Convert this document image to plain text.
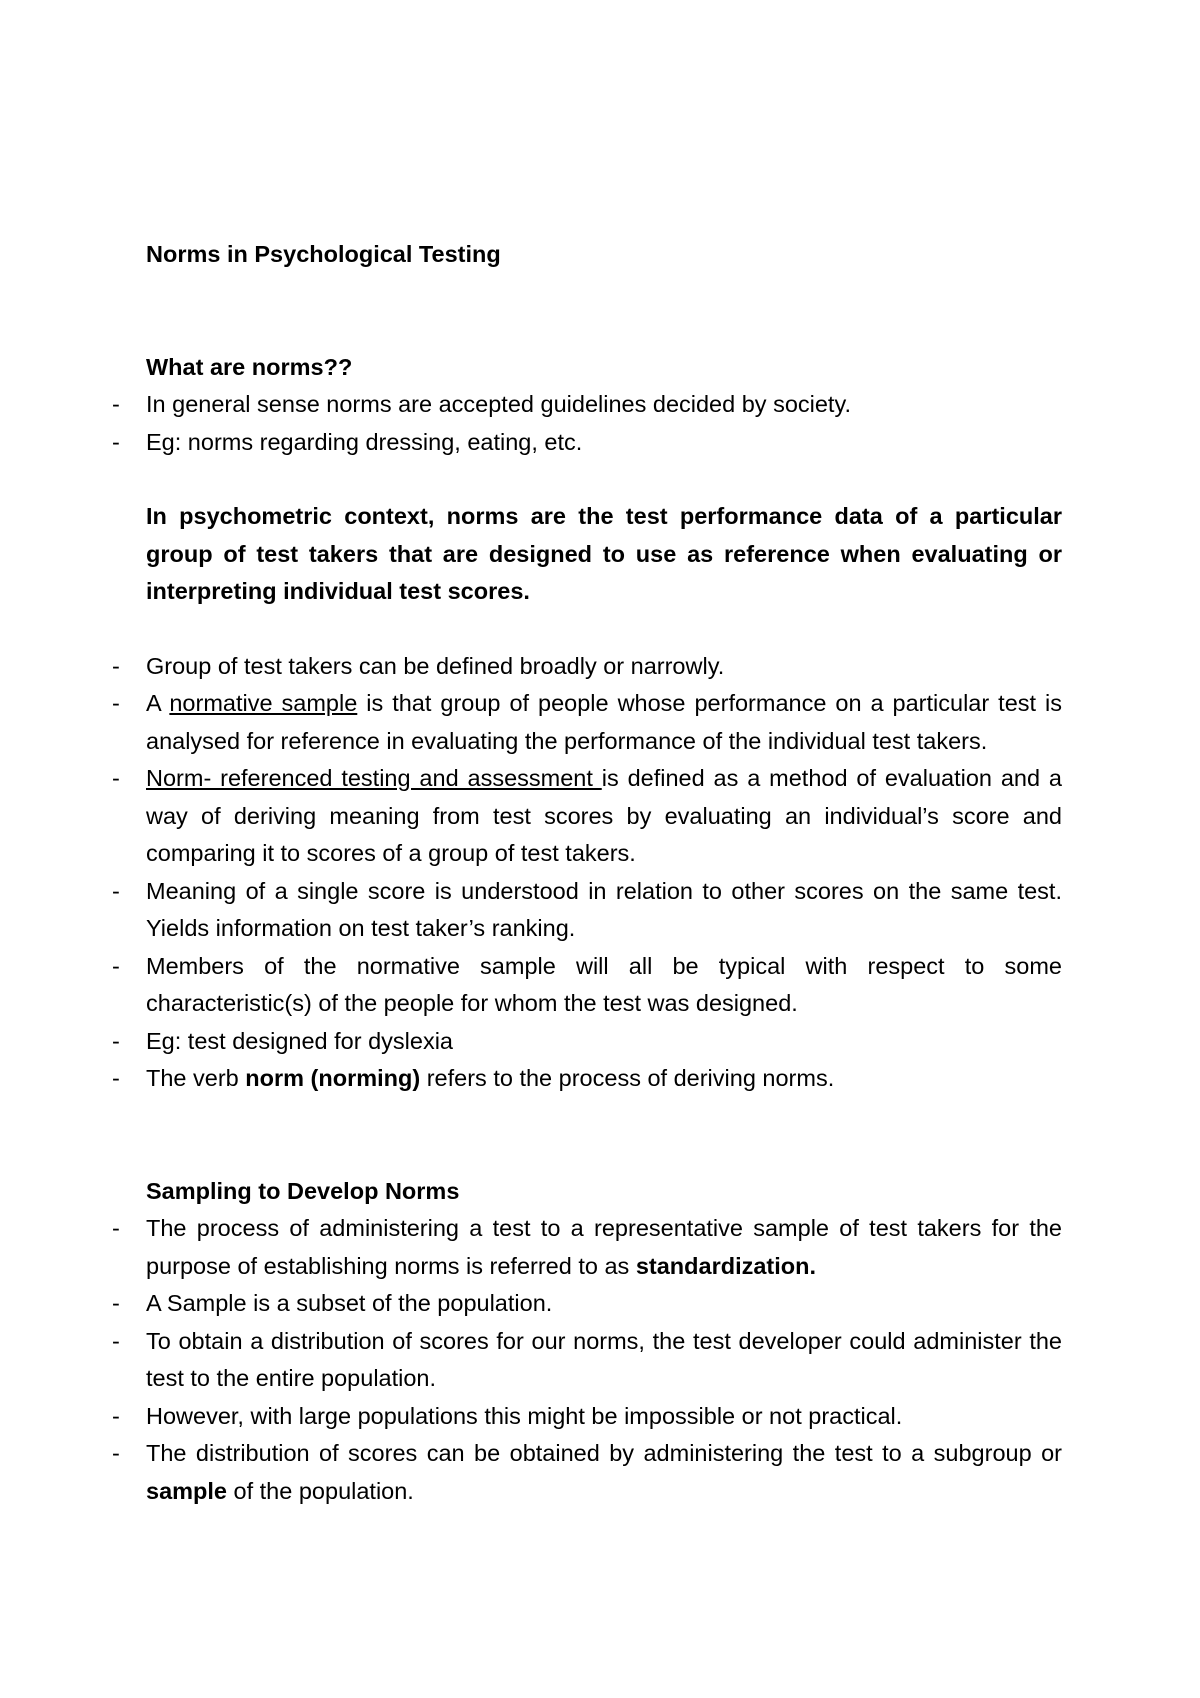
Norms in Psychological Testing

What are norms??

-	In general sense norms are accepted guidelines decided by society.
-	Eg: norms regarding dressing, eating, etc.

In psychometric context, norms are the test performance data of a particular group of test takers that are designed to use as reference when evaluating or interpreting individual test scores.

-	Group of test takers can be defined broadly or narrowly.
-	A normative sample is that group of people whose performance on a particular test is analysed for reference in evaluating the performance of the individual test takers.
-	Norm- referenced testing and assessment is defined as a method of evaluation and a way of deriving meaning from test scores by evaluating an individual’s score and comparing it to scores of a group of test takers.
-	Meaning of a single score is understood in relation to other scores on the same test. Yields information on test taker’s ranking.
-	Members of the normative sample will all be typical with respect to some characteristic(s) of the people for whom the test was designed.
-	Eg: test designed for dyslexia
-	The verb norm (norming) refers to the process of deriving norms.

Sampling to Develop Norms

-	The process of administering a test to a representative sample of test takers for the purpose of establishing norms is referred to as standardization.
-	A Sample is a subset of the population.
-	To obtain a distribution of scores for our norms, the test developer could administer the test to the entire population.
-	However, with large populations this might be impossible or not practical.
-	The distribution of scores can be obtained by administering the test to a subgroup or sample of the population.
